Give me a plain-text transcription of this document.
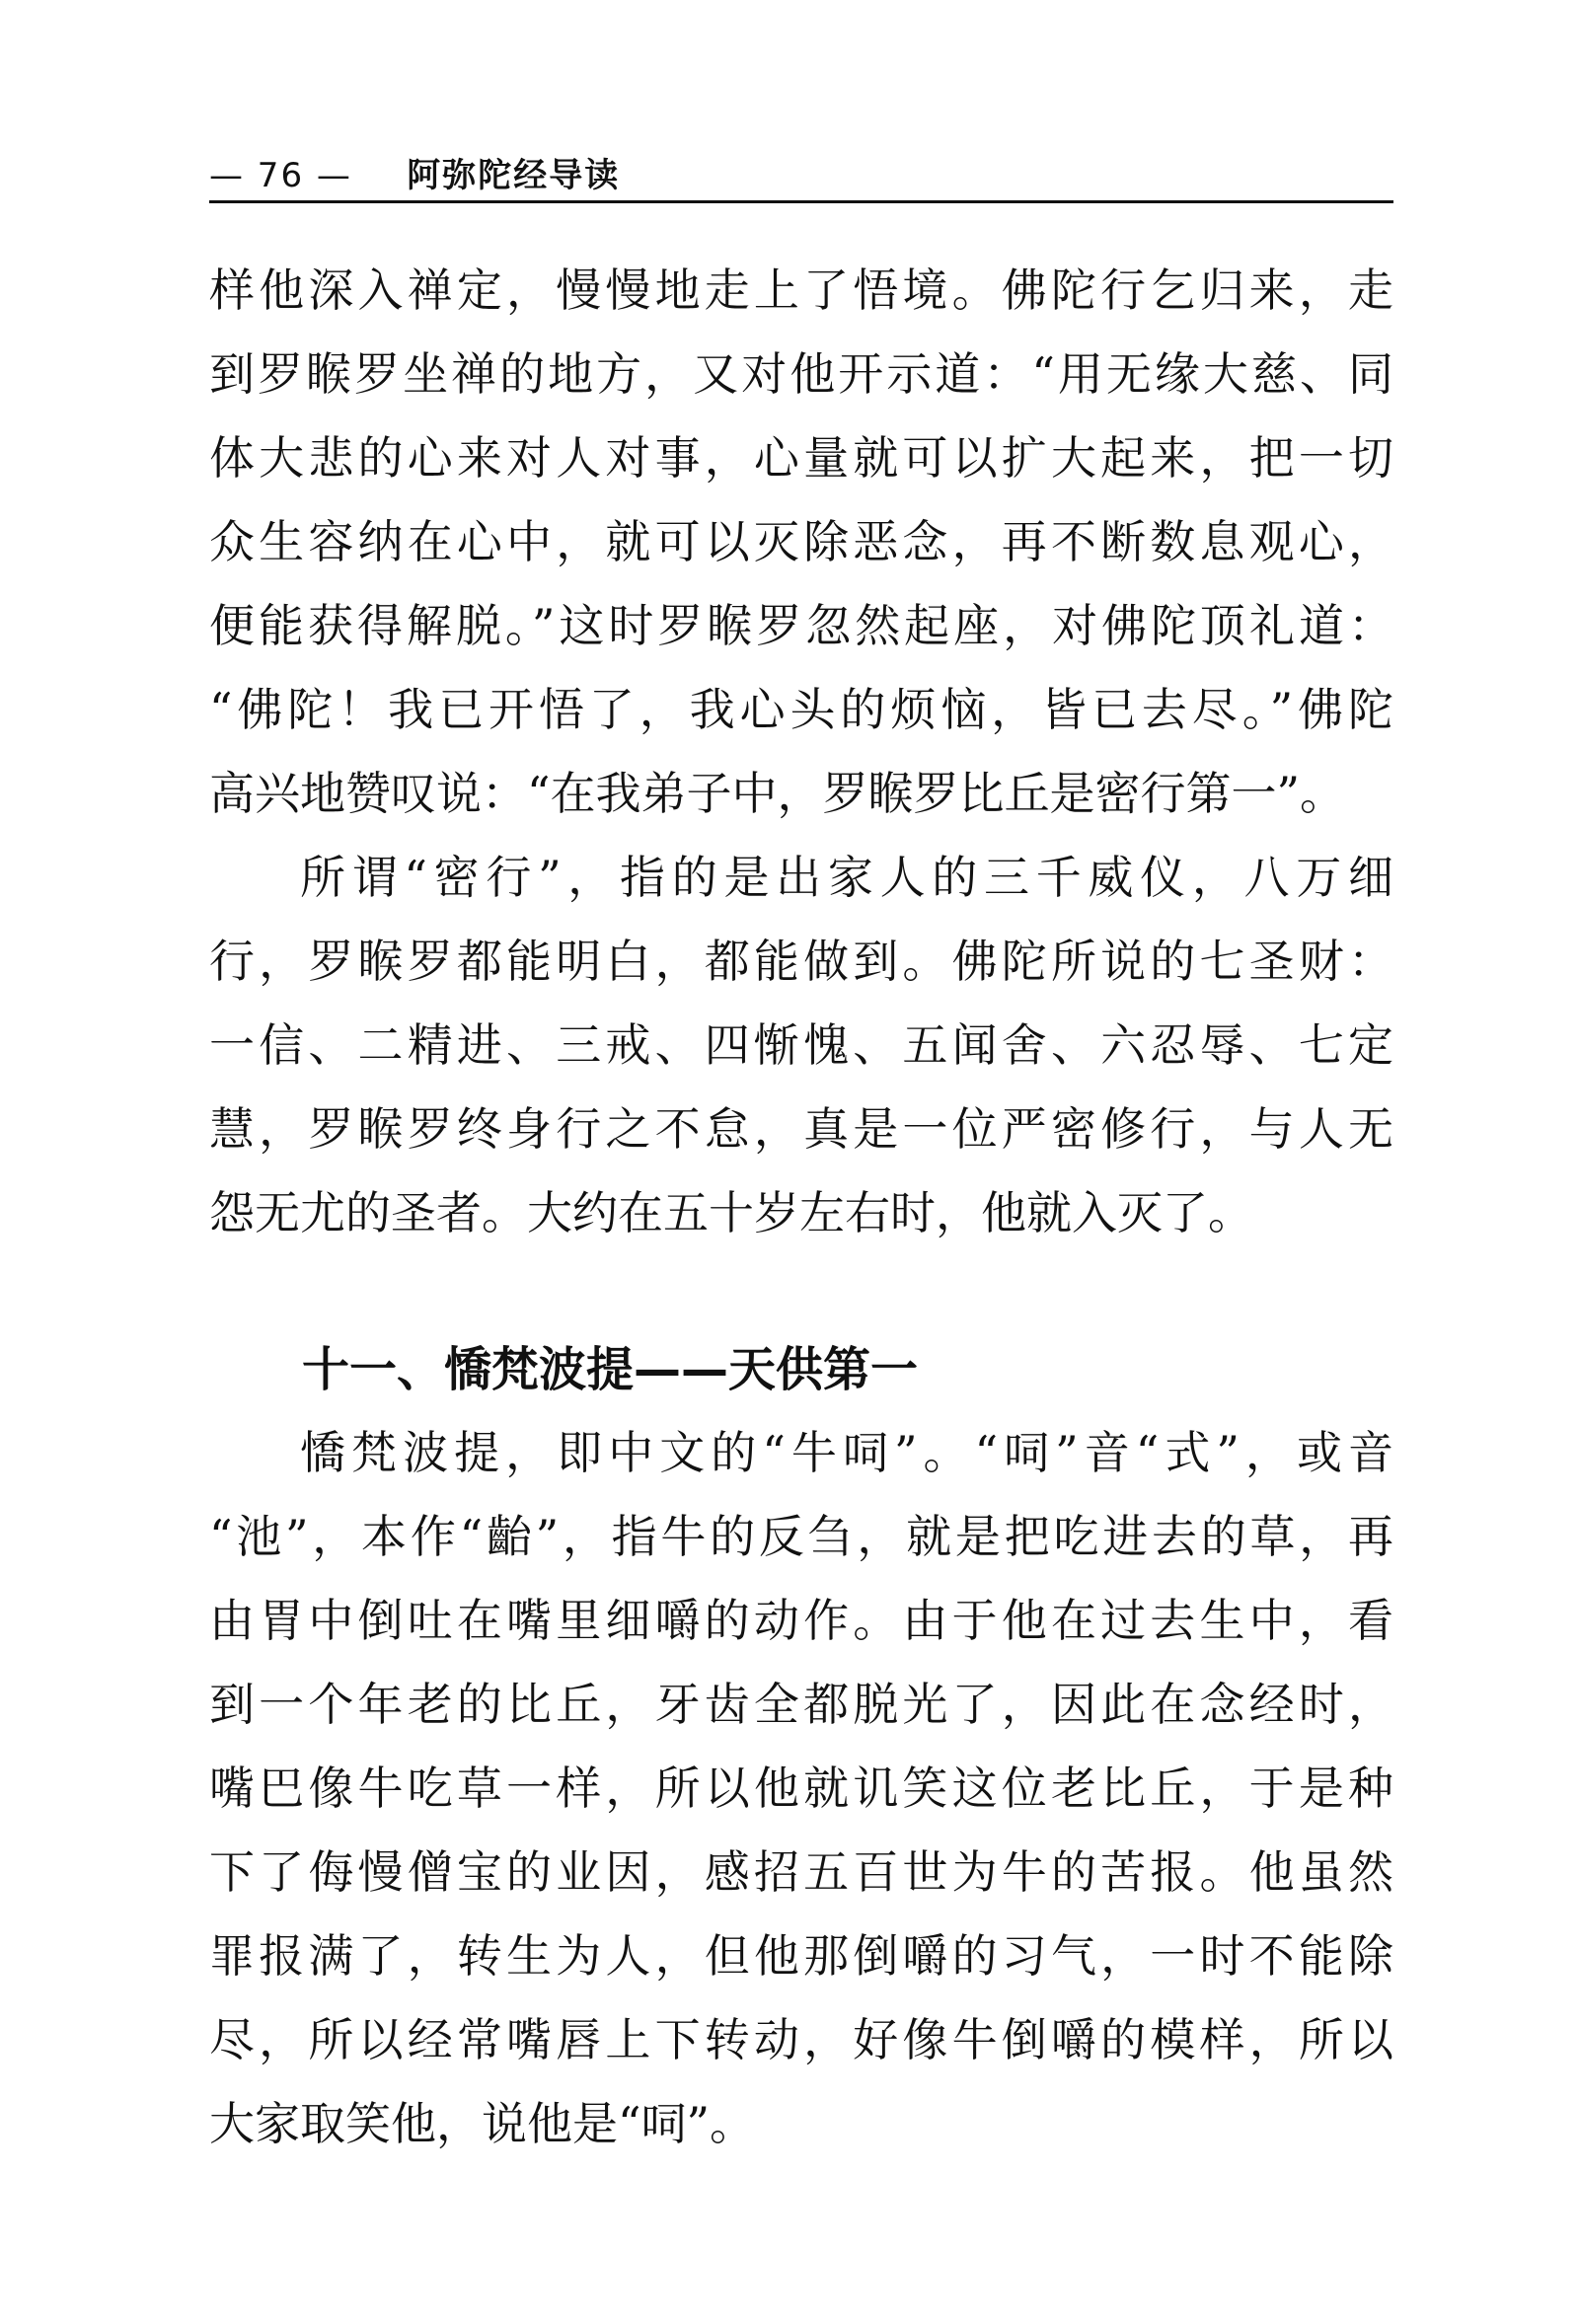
— 76 — 阿弥陀经导读
样他深入禅定，慢慢地走上了悟境。佛陀行乞归来，走
到罗睺罗坐禅的地方，又对他开示道：“用无缘大慈、同
体大悲的心来对人对事，心量就可以扩大起来，把一切
众生容纳在心中，就可以灭除恶念，再不断数息观心，
便能获得解脱。”这时罗睺罗忽然起座，对佛陀顶礼道：
“佛陀！我已开悟了，我心头的烦恼，皆已去尽。”佛陀
高兴地赞叹说：“在我弟子中，罗睺罗比丘是密行第一”。
所谓“密行”，指的是出家人的三千威仪，八万细
行，罗睺罗都能明白，都能做到。佛陀所说的七圣财：
一信、二精进、三戒、四惭愧、五闻舍、六忍辱、七定
慧，罗睺罗终身行之不怠，真是一位严密修行，与人无
怨无尤的圣者。大约在五十岁左右时，他就入灭了。
十一、憍梵波提——天供第一
憍梵波提，即中文的“牛呞”。“呞”音“式”，或音
“池”，本作“齝”，指牛的反刍，就是把吃进去的草，再
由胃中倒吐在嘴里细嚼的动作。由于他在过去生中，看
到一个年老的比丘，牙齿全都脱光了，因此在念经时，
嘴巴像牛吃草一样，所以他就讥笑这位老比丘，于是种
下了侮慢僧宝的业因，感招五百世为牛的苦报。他虽然
罪报满了，转生为人，但他那倒嚼的习气，一时不能除
尽，所以经常嘴唇上下转动，好像牛倒嚼的模样，所以
大家取笑他，说他是“呞”。
